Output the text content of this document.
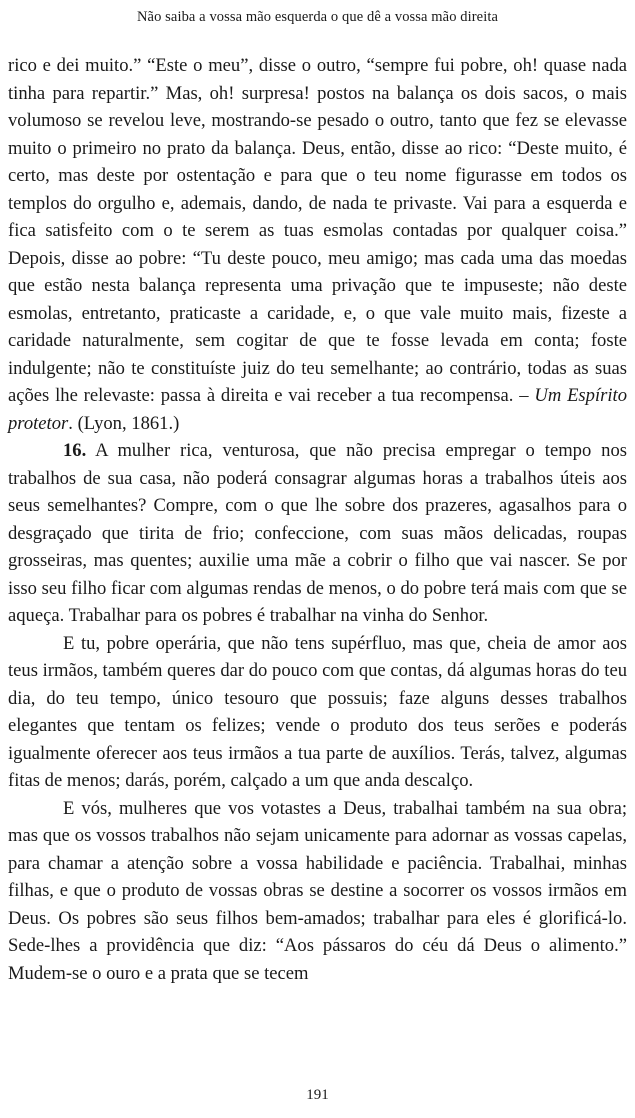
Não saiba a vossa mão esquerda o que dê a vossa mão direita

rico e dei muito.” “Este o meu”, disse o outro, “sempre fui pobre, oh! quase nada tinha para repartir.” Mas, oh! surpresa! postos na balança os dois sacos, o mais volumoso se revelou leve, mostrando-se pesado o outro, tanto que fez se elevasse muito o primeiro no prato da balança. Deus, então, disse ao rico: “Deste muito, é certo, mas deste por ostentação e para que o teu nome figurasse em todos os templos do orgulho e, ademais, dando, de nada te privaste. Vai para a esquerda e fica satisfeito com o te serem as tuas esmolas contadas por qualquer coisa.” Depois, disse ao pobre: “Tu deste pouco, meu amigo; mas cada uma das moedas que estão nesta balança representa uma privação que te impuseste; não deste esmolas, entretanto, praticaste a caridade, e, o que vale muito mais, fizeste a caridade naturalmente, sem cogitar de que te fosse levada em conta; foste indulgente; não te constituíste juiz do teu semelhante; ao contrário, todas as suas ações lhe relevaste: passa à direita e vai receber a tua recompensa. – Um Espírito protetor. (Lyon, 1861.)

16. A mulher rica, venturosa, que não precisa empregar o tempo nos trabalhos de sua casa, não poderá consagrar algumas horas a trabalhos úteis aos seus semelhantes? Compre, com o que lhe sobre dos prazeres, agasalhos para o desgraçado que tirita de frio; confeccione, com suas mãos delicadas, roupas grosseiras, mas quentes; auxilie uma mãe a cobrir o filho que vai nascer. Se por isso seu filho ficar com algumas rendas de menos, o do pobre terá mais com que se aqueça. Trabalhar para os pobres é trabalhar na vinha do Senhor.

E tu, pobre operária, que não tens supérfluo, mas que, cheia de amor aos teus irmãos, também queres dar do pouco com que contas, dá algumas horas do teu dia, do teu tempo, único tesouro que possuis; faze alguns desses trabalhos elegantes que tentam os felizes; vende o produto dos teus serões e poderás igualmente oferecer aos teus irmãos a tua parte de auxílios. Terás, talvez, algumas fitas de menos; darás, porém, calçado a um que anda descalço.

E vós, mulheres que vos votastes a Deus, trabalhai também na sua obra; mas que os vossos trabalhos não sejam unicamente para adornar as vossas capelas, para chamar a atenção sobre a vossa habilidade e paciência. Trabalhai, minhas filhas, e que o produto de vossas obras se destine a socorrer os vossos irmãos em Deus. Os pobres são seus filhos bem-amados; trabalhar para eles é glorificá-lo. Sede-lhes a providência que diz: “Aos pássaros do céu dá Deus o alimento.” Mudem-se o ouro e a prata que se tecem

191
